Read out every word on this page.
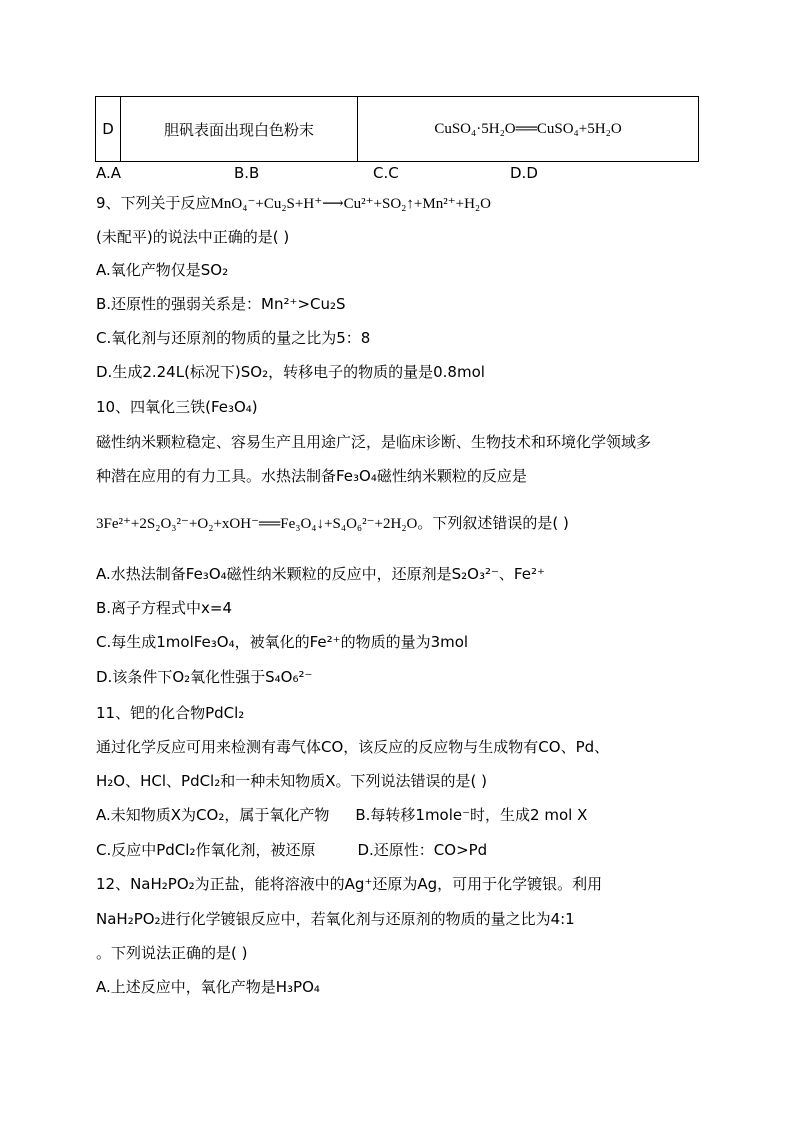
D	胆矾表面出现白色粉末	CuSO₄·5H₂O══CuSO₄+5H₂O
A.A	B.B	C.C	D.D
9、下列关于反应MnO₄⁻+Cu₂S+H⁺⟶Cu²⁺+SO₂↑+Mn²⁺+H₂O
(未配平)的说法中正确的是( )
A.氧化产物仅是SO₂
B.还原性的强弱关系是：Mn²⁺>Cu₂S
C.氧化剂与还原剂的物质的量之比为5：8
D.生成2.24L(标况下)SO₂，转移电子的物质的量是0.8mol
10、四氧化三铁(Fe₃O₄)
磁性纳米颗粒稳定、容易生产且用途广泛，是临床诊断、生物技术和环境化学领域多
种潜在应用的有力工具。水热法制备Fe₃O₄磁性纳米颗粒的反应是
3Fe²⁺+2S₂O₃²⁻+O₂+xOH⁻══Fe₃O₄↓+S₄O₆²⁻+2H₂O。下列叙述错误的是( )
A.水热法制备Fe₃O₄磁性纳米颗粒的反应中，还原剂是S₂O₃²⁻、Fe²⁺
B.离子方程式中x=4
C.每生成1molFe₃O₄，被氧化的Fe²⁺的物质的量为3mol
D.该条件下O₂氧化性强于S₄O₆²⁻
11、钯的化合物PdCl₂
通过化学反应可用来检测有毒气体CO，该反应的反应物与生成物有CO、Pd、
H₂O、HCl、PdCl₂和一种未知物质X。下列说法错误的是( )
A.未知物质X为CO₂，属于氧化产物 B.每转移1mole⁻时，生成2 mol X
C.反应中PdCl₂作氧化剂，被还原	D.还原性：CO>Pd
12、NaH₂PO₂为正盐，能将溶液中的Ag⁺还原为Ag，可用于化学镀银。利用
NaH₂PO₂进行化学镀银反应中，若氧化剂与还原剂的物质的量之比为4:1
。下列说法正确的是( )
A.上述反应中，氧化产物是H₃PO₄
